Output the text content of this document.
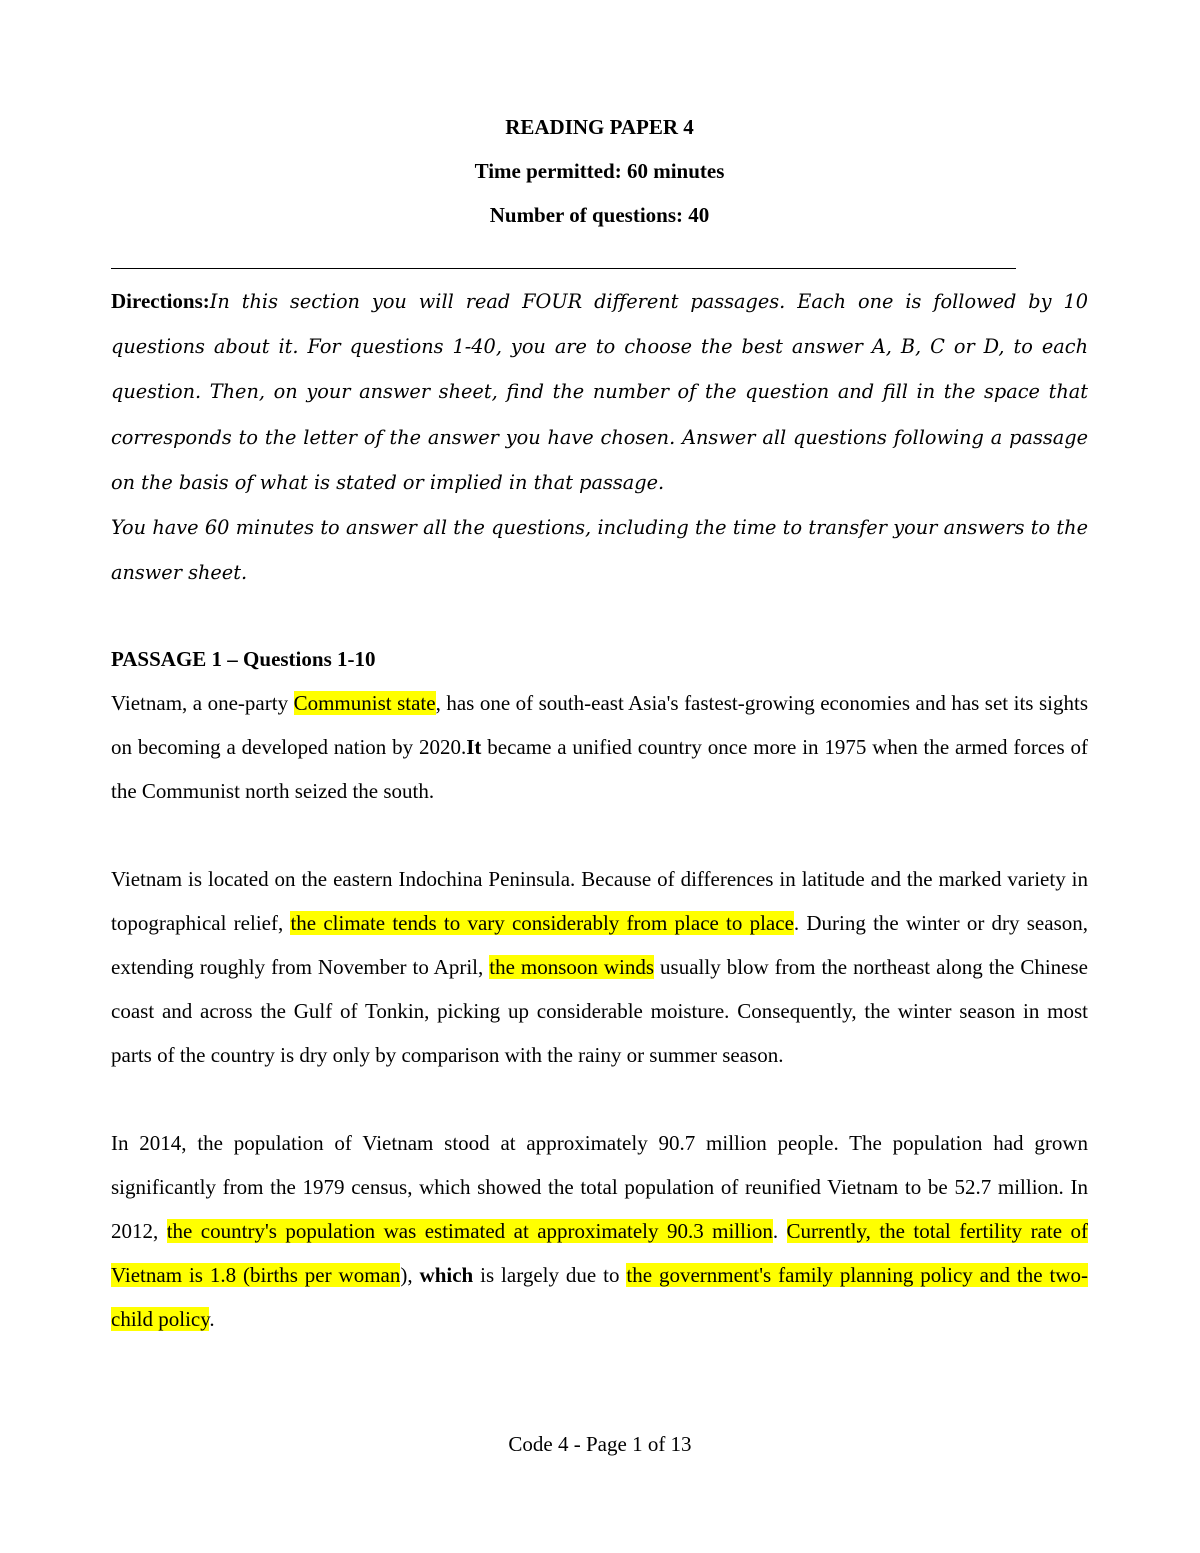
READING PAPER 4
Time permitted: 60 minutes
Number of questions: 40

Directions:In this section you will read FOUR different passages. Each one is followed by 10 questions about it. For questions 1-40, you are to choose the best answer A, B, C or D, to each question. Then, on your answer sheet, find the number of the question and fill in the space that corresponds to the letter of the answer you have chosen. Answer all questions following a passage on the basis of what is stated or implied in that passage.

You have 60 minutes to answer all the questions, including the time to transfer your answers to the answer sheet.

PASSAGE 1 – Questions 1-10

Vietnam, a one-party Communist state, has one of south-east Asia's fastest-growing economies and has set its sights on becoming a developed nation by 2020.It became a unified country once more in 1975 when the armed forces of the Communist north seized the south.

Vietnam is located on the eastern Indochina Peninsula. Because of differences in latitude and the marked variety in topographical relief, the climate tends to vary considerably from place to place. During the winter or dry season, extending roughly from November to April, the monsoon winds usually blow from the northeast along the Chinese coast and across the Gulf of Tonkin, picking up considerable moisture. Consequently, the winter season in most parts of the country is dry only by comparison with the rainy or summer season.

In 2014, the population of Vietnam stood at approximately 90.7 million people. The population had grown significantly from the 1979 census, which showed the total population of reunified Vietnam to be 52.7 million. In 2012, the country's population was estimated at approximately 90.3 million. Currently, the total fertility rate of Vietnam is 1.8 (births per woman), which is largely due to the government's family planning policy and the two-child policy.

Code 4 - Page 1 of 13
